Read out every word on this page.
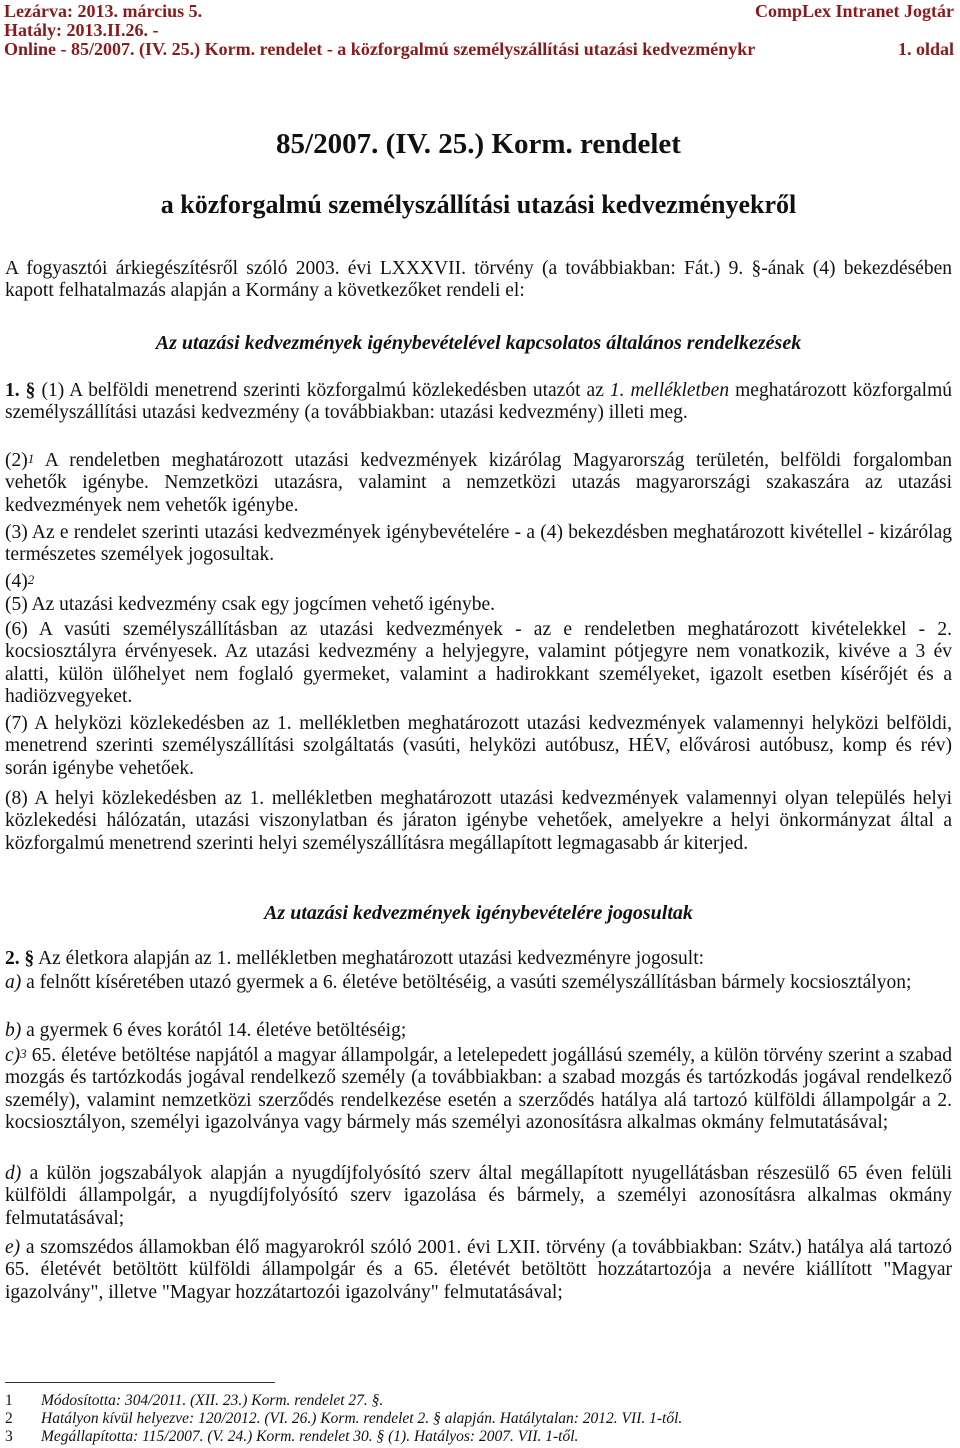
Lezárva: 2013. március 5.	CompLex Intranet Jogtár
Hatály: 2013.II.26. -
Online - 85/2007. (IV. 25.) Korm. rendelet - a közforgalmú személyszállítási utazási kedvezménykr	1. oldal
85/2007. (IV. 25.) Korm. rendelet
a közforgalmú személyszállítási utazási kedvezményekről
A fogyasztói árkiegészítésről szóló 2003. évi LXXXVII. törvény (a továbbiakban: Fát.) 9. §-ának (4) bekezdésében kapott felhatalmazás alapján a Kormány a következőket rendeli el:
Az utazási kedvezmények igénybevételével kapcsolatos általános rendelkezések
1. § (1) A belföldi menetrend szerinti közforgalmú közlekedésben utazót az 1. mellékletben meghatározott közforgalmú személyszállítási utazási kedvezmény (a továbbiakban: utazási kedvezmény) illeti meg.
$(2)^1$ A rendeletben meghatározott utazási kedvezmények kizárólag Magyarország területén, belföldi forgalomban vehetők igénybe. Nemzetközi utazásra, valamint a nemzetközi utazás magyarországi szakaszára az utazási kedvezmények nem vehetők igénybe.
(3) Az e rendelet szerinti utazási kedvezmények igénybevételére - a (4) bekezdésben meghatározott kivétellel - kizárólag természetes személyek jogosultak.
$(4)^2$
(5) Az utazási kedvezmény csak egy jogcímen vehető igénybe.
(6) A vasúti személyszállításban az utazási kedvezmények - az e rendeletben meghatározott kivételekkel - 2. kocsiosztályra érvényesek. Az utazási kedvezmény a helyjegyre, valamint pótjegyre nem vonatkozik, kivéve a 3 év alatti, külön ülőhelyet nem foglaló gyermeket, valamint a hadirokkant személyeket, igazolt esetben kísérőjét és a hadiözvegyeket.
(7) A helyközi közlekedésben az 1. mellékletben meghatározott utazási kedvezmények valamennyi helyközi belföldi, menetrend szerinti személyszállítási szolgáltatás (vasúti, helyközi autóbusz, HÉV, elővárosi autóbusz, komp és rév) során igénybe vehetőek.
(8) A helyi közlekedésben az 1. mellékletben meghatározott utazási kedvezmények valamennyi olyan település helyi közlekedési hálózatán, utazási viszonylatban és járaton igénybe vehetőek, amelyekre a helyi önkormányzat által a közforgalmú menetrend szerinti helyi személyszállításra megállapított legmagasabb ár kiterjed.
Az utazási kedvezmények igénybevételére jogosultak
2. § Az életkora alapján az 1. mellékletben meghatározott utazási kedvezményre jogosult:
a) a felnőtt kíséretében utazó gyermek a 6. életéve betöltéséig, a vasúti személyszállításban bármely kocsiosztályon;
b) a gyermek 6 éves korától 14. életéve betöltéséig;
c)$^3$ 65. életéve betöltése napjától a magyar állampolgár, a letelepedett jogállású személy, a külön törvény szerint a szabad mozgás és tartózkodás jogával rendelkező személy (a továbbiakban: a szabad mozgás és tartózkodás jogával rendelkező személy), valamint nemzetközi szerződés rendelkezése esetén a szerződés hatálya alá tartozó külföldi állampolgár a 2. kocsiosztályon, személyi igazolványa vagy bármely más személyi azonosításra alkalmas okmány felmutatásával;
d) a külön jogszabályok alapján a nyugdíjfolyósító szerv által megállapított nyugellátásban részesülő 65 éven felüli külföldi állampolgár, a nyugdíjfolyósító szerv igazolása és bármely, a személyi azonosításra alkalmas okmány felmutatásával;
e) a szomszédos államokban élő magyarokról szóló 2001. évi LXII. törvény (a továbbiakban: Szátv.) hatálya alá tartozó 65. életévét betöltött külföldi állampolgár és a 65. életévét betöltött hozzátartozója a nevére kiállított "Magyar igazolvány", illetve "Magyar hozzátartozói igazolvány" felmutatásával;
1 Módosította: 304/2011. (XII. 23.) Korm. rendelet 27. §.
2 Hatályon kívül helyezve: 120/2012. (VI. 26.) Korm. rendelet 2. § alapján. Hatálytalan: 2012. VII. 1-től.
3 Megállapította: 115/2007. (V. 24.) Korm. rendelet 30. § (1). Hatályos: 2007. VII. 1-től.
